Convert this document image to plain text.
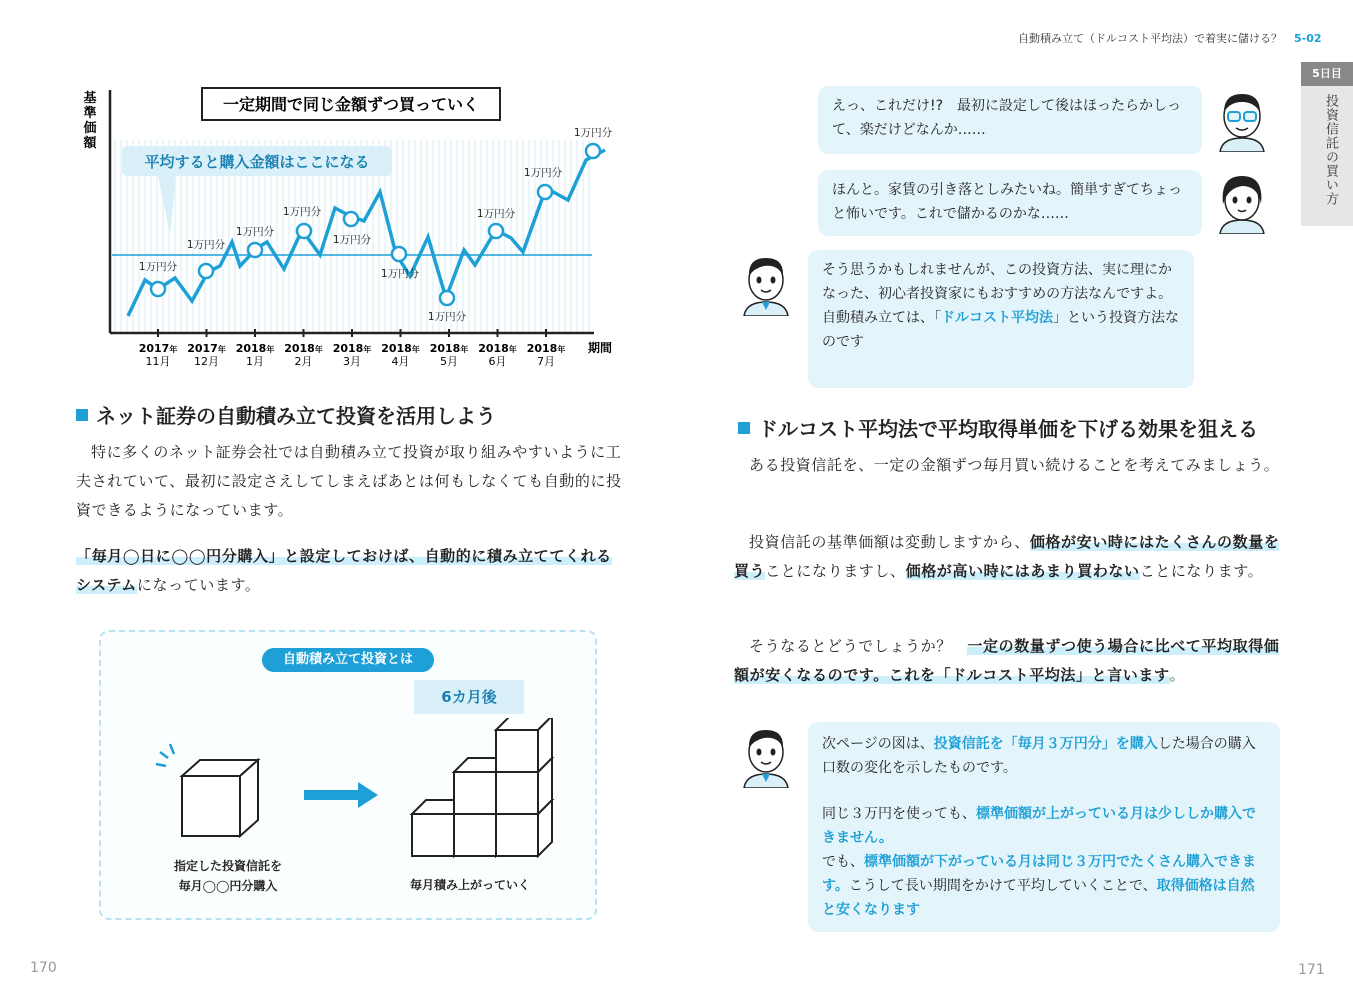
自動積み立て（ドルコスト平均法）で着実に儲ける？ 5-02
5日目
投資信託の買い方
基
準
価
額
一定期間で同じ金額ずつ買っていく
平均すると購入金額はここになる
1万円分
1万円分
1万円分
1万円分
1万円分
1万円分
1万円分
1万円分
1万円分
1万円分
2017年
11月
2017年
12月
2018年
1月
2018年
2月
2018年
3月
2018年
4月
2018年
5月
2018年
6月
2018年
7月
期間
ネット証券の自動積み立て投資を活用しよう
特に多くのネット証券会社では自動積み立て投資が取り組みやすいように工夫されていて、最初に設定さえしてしまえばあとは何もしなくても自動的に投資できるようになっています。
「毎月◯日に◯◯円分購入」と設定しておけば、自動的に積み立ててくれるシステムになっています。
自動積み立て投資とは
6カ月後
指定した投資信託を
毎月◯◯円分購入	毎月積み上がっていく
えっ、これだけ!?　最初に設定して後はほったらかしって、楽だけどなんか……
ほんと。家賃の引き落としみたいね。簡単すぎてちょっと怖いです。これで儲かるのかな……
そう思うかもしれませんが、この投資方法、実に理にかなった、初心者投資家にもおすすめの方法なんですよ。
自動積み立ては、「ドルコスト平均法」という投資方法なのです
ドルコスト平均法で平均取得単価を下げる効果を狙える
ある投資信託を、一定の金額ずつ毎月買い続けることを考えてみましょう。
投資信託の基準価額は変動しますから、価格が安い時にはたくさんの数量を買うことになりますし、価格が高い時にはあまり買わないことになります。
そうなるとどうでしょうか？　一定の数量ずつ使う場合に比べて平均取得価額が安くなるのです。これを「ドルコスト平均法」と言います。
次ページの図は、投資信託を「毎月３万円分」を購入した場合の購入口数の変化を示したものです。
同じ３万円を使っても、標準価額が上がっている月は少ししか購入できません。
でも、標準価額が下がっている月は同じ３万円でたくさん購入できます。こうして長い期間をかけて平均していくことで、取得価格は自然と安くなります
170	171
